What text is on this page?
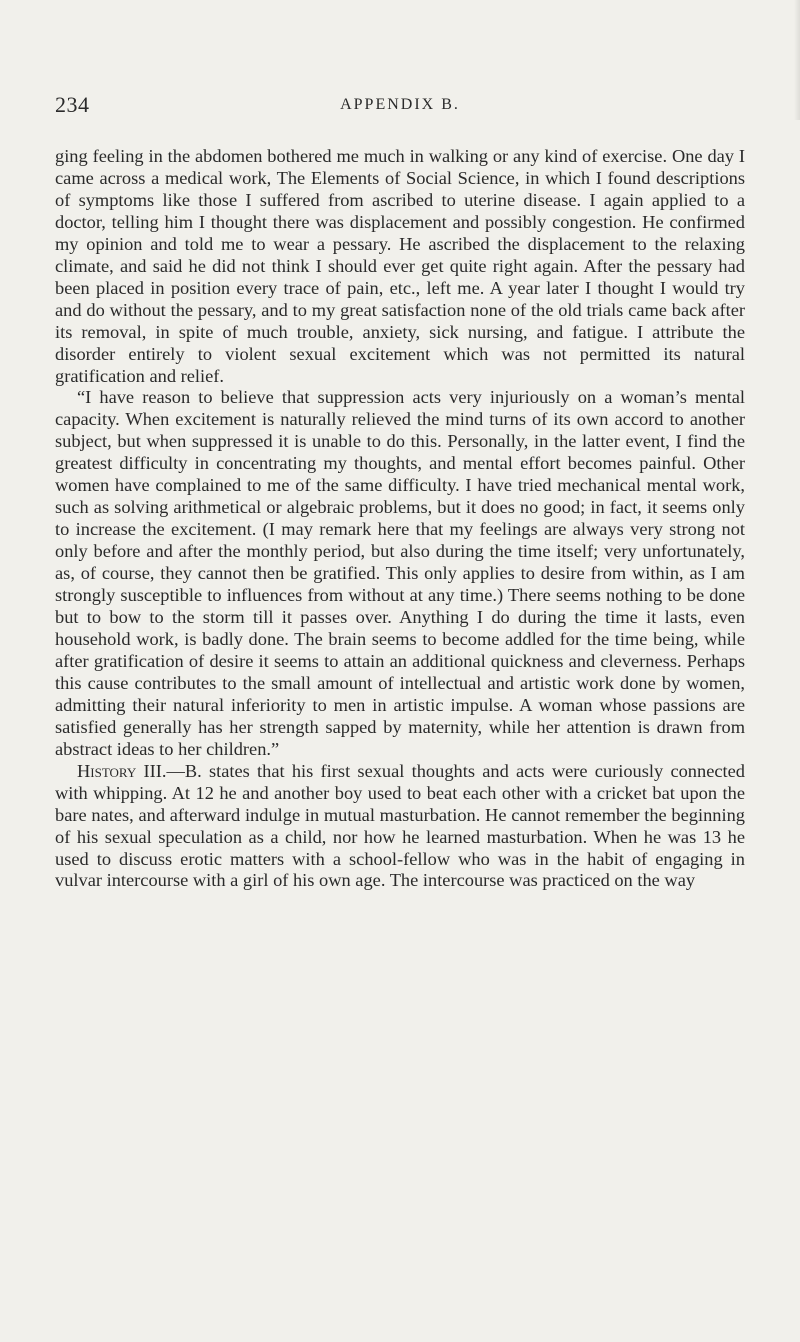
234	APPENDIX B.

ging feeling in the abdomen bothered me much in walking or any kind of exercise. One day I came across a medical work, The Elements of Social Science, in which I found descriptions of symptoms like those I suffered from ascribed to uterine disease. I again applied to a doctor, telling him I thought there was displacement and possibly congestion. He confirmed my opinion and told me to wear a pessary. He ascribed the displacement to the relaxing climate, and said he did not think I should ever get quite right again. After the pessary had been placed in position every trace of pain, etc., left me. A year later I thought I would try and do without the pessary, and to my great satisfaction none of the old trials came back after its removal, in spite of much trouble, anxiety, sick nursing, and fatigue. I attribute the disorder entirely to violent sexual excitement which was not permitted its natural gratification and relief.

“I have reason to believe that suppression acts very injuriously on a woman’s mental capacity. When excitement is naturally relieved the mind turns of its own accord to another subject, but when suppressed it is unable to do this. Personally, in the latter event, I find the greatest difficulty in concentrating my thoughts, and mental effort becomes painful. Other women have complained to me of the same difficulty. I have tried mechanical mental work, such as solving arithmetical or algebraic problems, but it does no good; in fact, it seems only to increase the excitement. (I may remark here that my feelings are always very strong not only before and after the monthly period, but also during the time itself; very unfortunately, as, of course, they cannot then be gratified. This only applies to desire from within, as I am strongly susceptible to influences from without at any time.) There seems nothing to be done but to bow to the storm till it passes over. Anything I do during the time it lasts, even household work, is badly done. The brain seems to become addled for the time being, while after gratification of desire it seems to attain an additional quickness and cleverness. Perhaps this cause contributes to the small amount of intellectual and artistic work done by women, admitting their natural inferiority to men in artistic impulse. A woman whose passions are satisfied generally has her strength sapped by maternity, while her attention is drawn from abstract ideas to her children.”

History III.—B. states that his first sexual thoughts and acts were curiously connected with whipping. At 12 he and another boy used to beat each other with a cricket bat upon the bare nates, and afterward indulge in mutual masturbation. He cannot remember the beginning of his sexual speculation as a child, nor how he learned masturbation. When he was 13 he used to discuss erotic matters with a school-fellow who was in the habit of engaging in vulvar intercourse with a girl of his own age. The intercourse was practiced on the way
